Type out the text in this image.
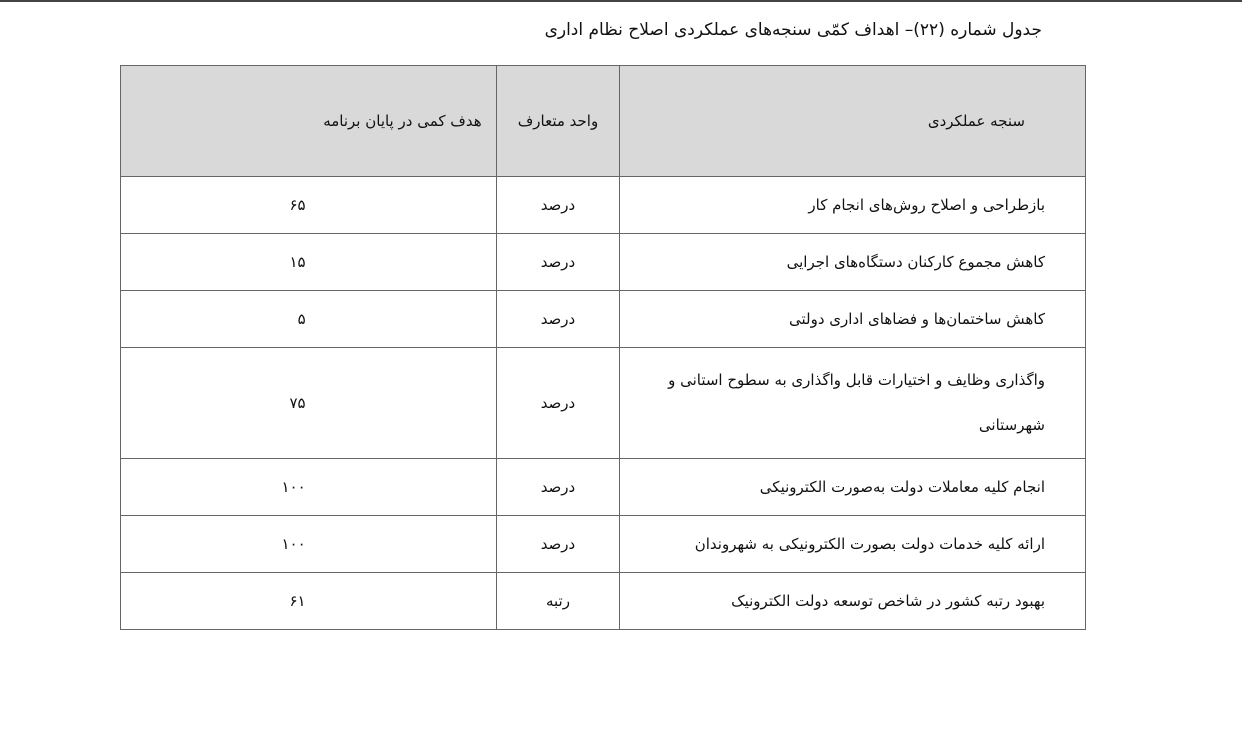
جدول شماره (۲۲)– اهداف کمّی سنجه‌های عملکردی اصلاح نظام اداری
سنجه عملکردی	واحد متعارف	هدف کمی در پایان برنامه
بازطراحی و اصلاح روش‌های انجام کار	درصد	۶۵
کاهش مجموع کارکنان دستگاه‌های اجرایی	درصد	۱۵
کاهش ساختمان‌ها و فضاهای اداری دولتی	درصد	۵
واگذاری وظایف و اختیارات قابل واگذاری به سطوح استانی و شهرستانی	درصد	۷۵
انجام کلیه معاملات دولت به‌صورت الکترونیکی	درصد	۱۰۰
ارائه کلیه خدمات دولت بصورت الکترونیکی به شهروندان	درصد	۱۰۰
بهبود رتبه کشور در شاخص توسعه دولت الکترونیک	رتبه	۶۱
